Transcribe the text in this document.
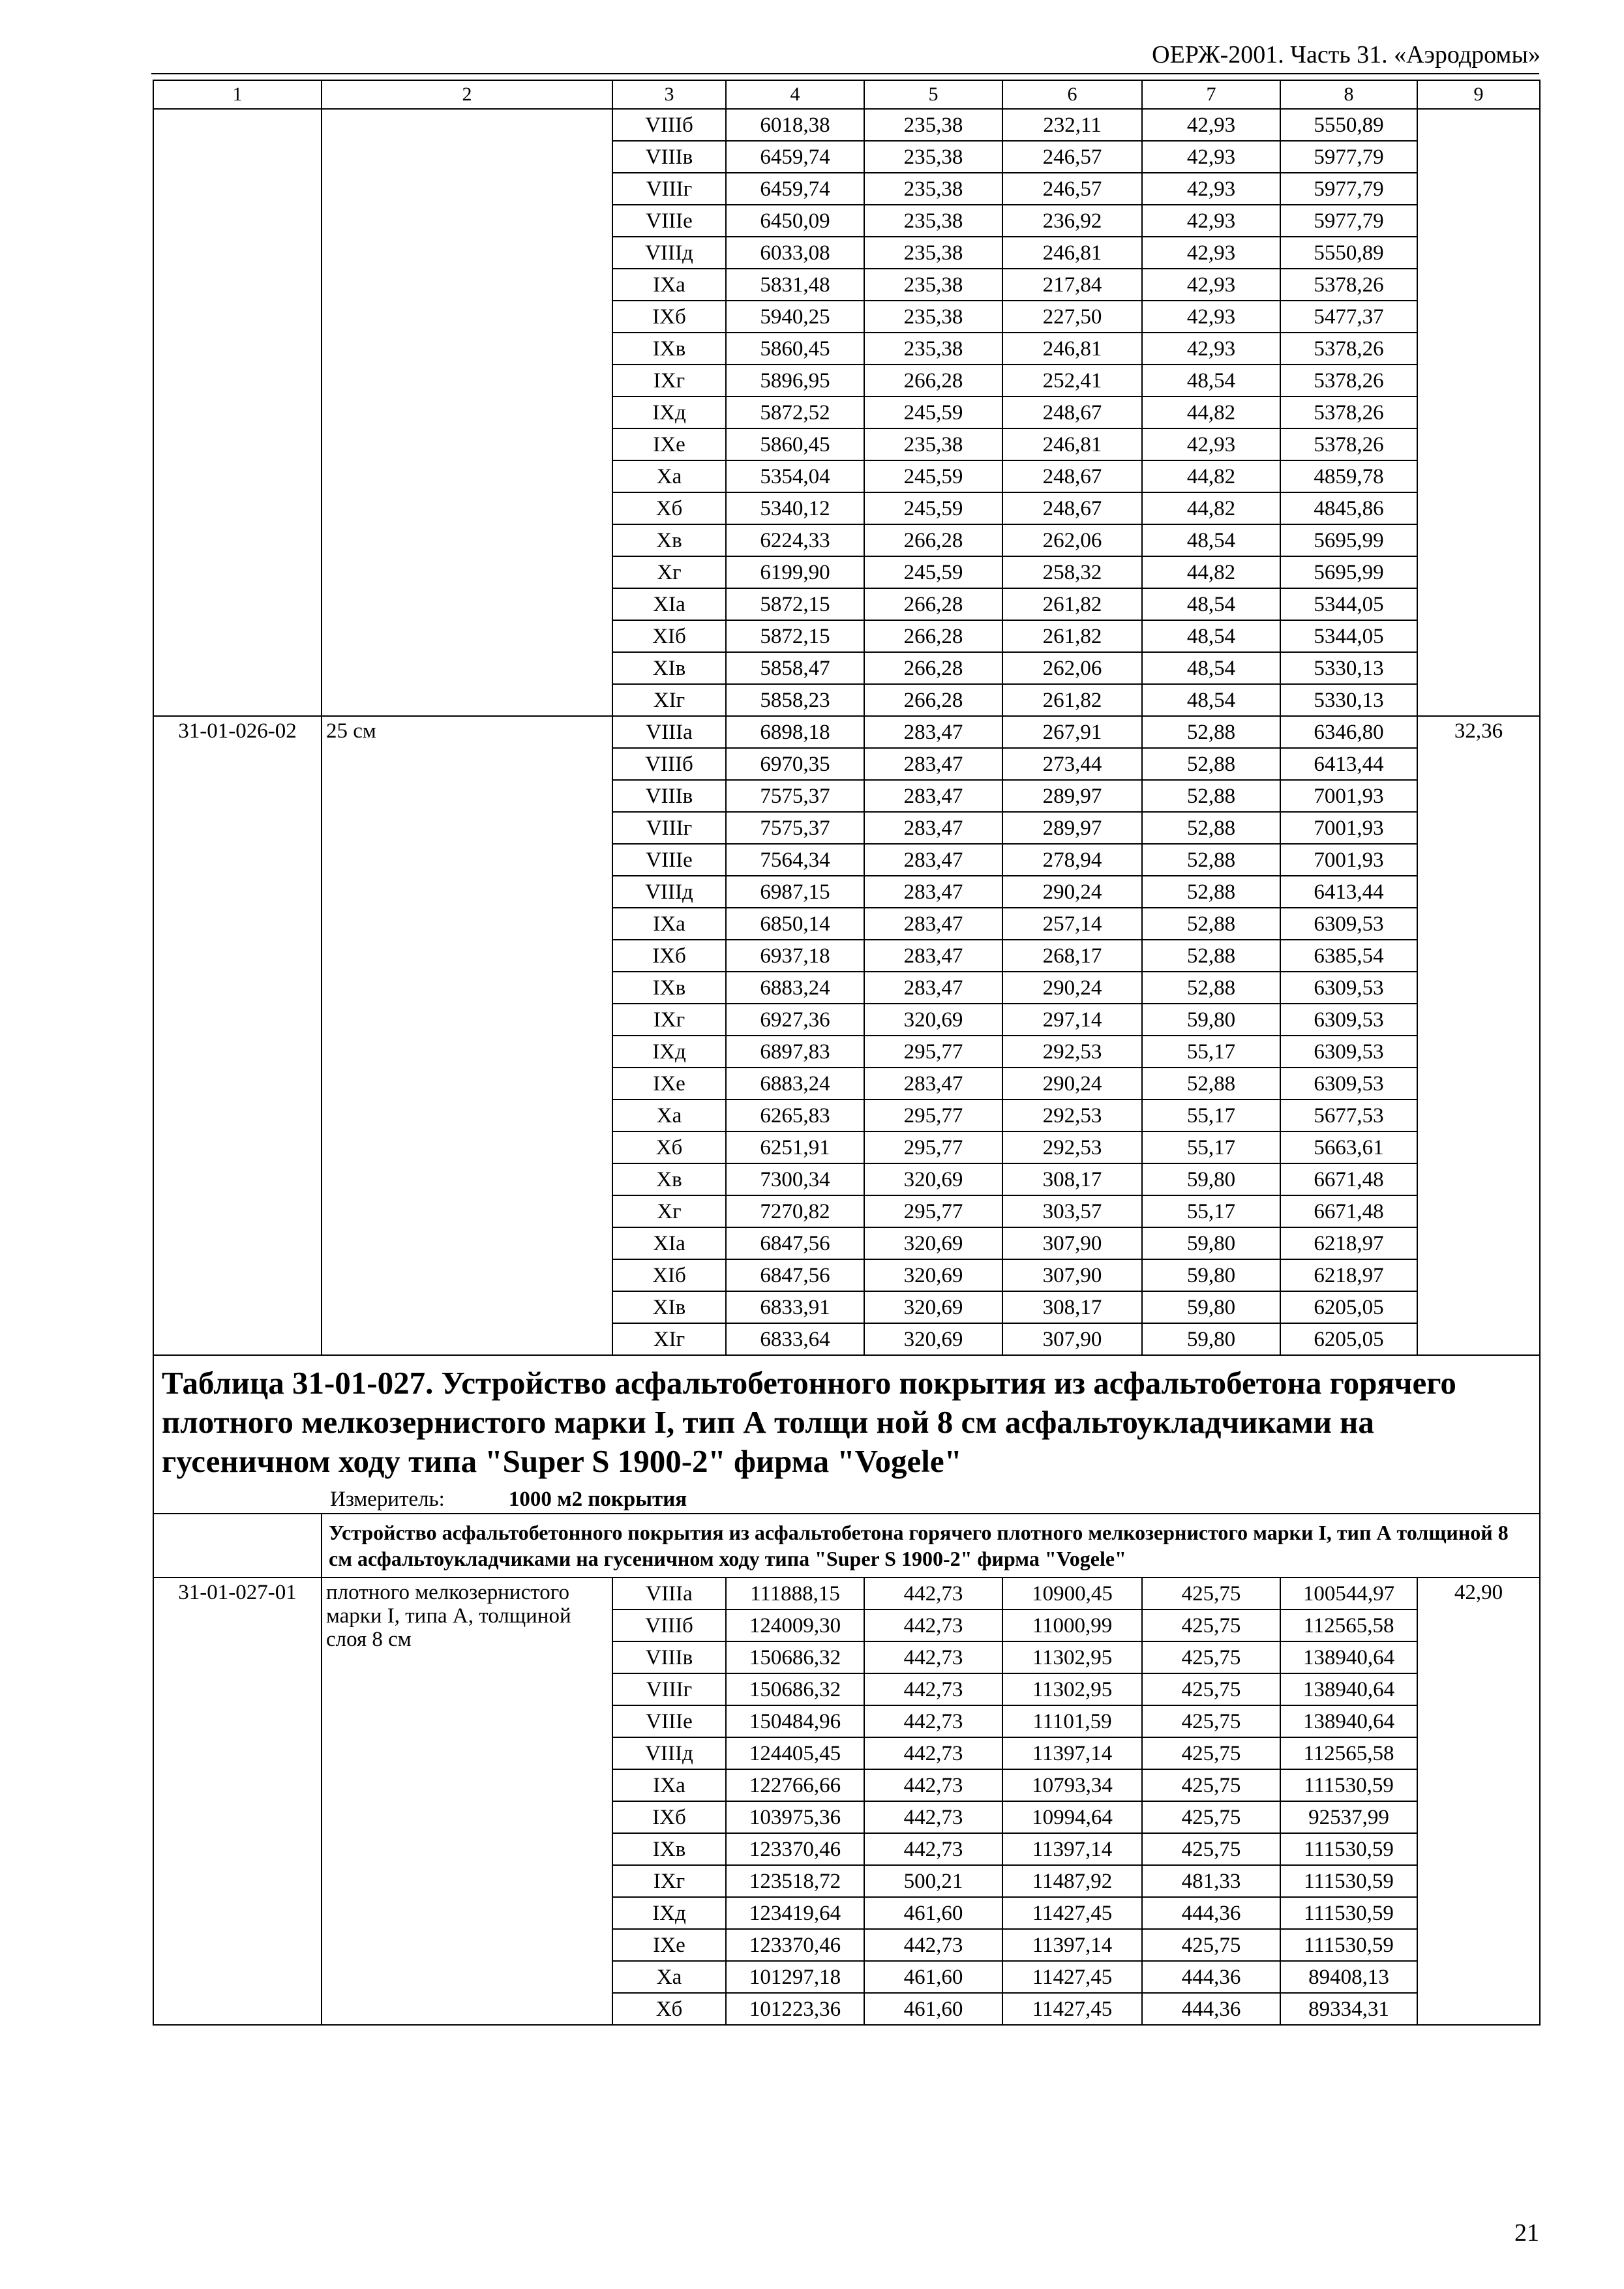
ОЕРЖ-2001. Часть 31. «Аэродромы»
1	2	3	4	5	6	7	8	9
		VIIIб	6018,38	235,38	232,11	42,93	5550,89	
		VIIIв	6459,74	235,38	246,57	42,93	5977,79	
		VIIIг	6459,74	235,38	246,57	42,93	5977,79	
		VIIIе	6450,09	235,38	236,92	42,93	5977,79	
		VIIIд	6033,08	235,38	246,81	42,93	5550,89	
		IXа	5831,48	235,38	217,84	42,93	5378,26	
		IXб	5940,25	235,38	227,50	42,93	5477,37	
		IXв	5860,45	235,38	246,81	42,93	5378,26	
		IXг	5896,95	266,28	252,41	48,54	5378,26	
		IXд	5872,52	245,59	248,67	44,82	5378,26	
		IXе	5860,45	235,38	246,81	42,93	5378,26	
		Xа	5354,04	245,59	248,67	44,82	4859,78	
		Xб	5340,12	245,59	248,67	44,82	4845,86	
		Xв	6224,33	266,28	262,06	48,54	5695,99	
		Xг	6199,90	245,59	258,32	44,82	5695,99	
		XIа	5872,15	266,28	261,82	48,54	5344,05	
		XIб	5872,15	266,28	261,82	48,54	5344,05	
		XIв	5858,47	266,28	262,06	48,54	5330,13	
		XIг	5858,23	266,28	261,82	48,54	5330,13	
31-01-026-02	25 см	VIIIа	6898,18	283,47	267,91	52,88	6346,80	32,36
		VIIIб	6970,35	283,47	273,44	52,88	6413,44	
		VIIIв	7575,37	283,47	289,97	52,88	7001,93	
		VIIIг	7575,37	283,47	289,97	52,88	7001,93	
		VIIIе	7564,34	283,47	278,94	52,88	7001,93	
		VIIIд	6987,15	283,47	290,24	52,88	6413,44	
		IXа	6850,14	283,47	257,14	52,88	6309,53	
		IXб	6937,18	283,47	268,17	52,88	6385,54	
		IXв	6883,24	283,47	290,24	52,88	6309,53	
		IXг	6927,36	320,69	297,14	59,80	6309,53	
		IXд	6897,83	295,77	292,53	55,17	6309,53	
		IXе	6883,24	283,47	290,24	52,88	6309,53	
		Xа	6265,83	295,77	292,53	55,17	5677,53	
		Xб	6251,91	295,77	292,53	55,17	5663,61	
		Xв	7300,34	320,69	308,17	59,80	6671,48	
		Xг	7270,82	295,77	303,57	55,17	6671,48	
		XIа	6847,56	320,69	307,90	59,80	6218,97	
		XIб	6847,56	320,69	307,90	59,80	6218,97	
		XIв	6833,91	320,69	308,17	59,80	6205,05	
		XIг	6833,64	320,69	307,90	59,80	6205,05	
Таблица 31-01-027. Устройство асфальтобетонного покрытия из асфальтобетона горячего плотного мелкозернистого марки I, тип А толщи ной 8 см асфальтоукладчиками на гусеничном ходу типа "Super S 1900-2" фирма "Vogele"								
Измеритель: 1000 м2 покрытия								
	Устройство асфальтобетонного покрытия из асфальтобетона горячего плотного мелкозернистого марки I, тип А толщиной 8 см асфальтоукладчиками на гусеничном ходу типа "Super S 1900-2" фирма "Vogele"							
31-01-027-01	плотного мелкозернистого марки I, типа А, толщиной слоя 8 см	VIIIа	111888,15	442,73	10900,45	425,75	100544,97	42,90
		VIIIб	124009,30	442,73	11000,99	425,75	112565,58	
		VIIIв	150686,32	442,73	11302,95	425,75	138940,64	
		VIIIг	150686,32	442,73	11302,95	425,75	138940,64	
		VIIIе	150484,96	442,73	11101,59	425,75	138940,64	
		VIIIд	124405,45	442,73	11397,14	425,75	112565,58	
		IXа	122766,66	442,73	10793,34	425,75	111530,59	
		IXб	103975,36	442,73	10994,64	425,75	92537,99	
		IXв	123370,46	442,73	11397,14	425,75	111530,59	
		IXг	123518,72	500,21	11487,92	481,33	111530,59	
		IXд	123419,64	461,60	11427,45	444,36	111530,59	
		IXе	123370,46	442,73	11397,14	425,75	111530,59	
		Xа	101297,18	461,60	11427,45	444,36	89408,13	
		Xб	101223,36	461,60	11427,45	444,36	89334,31	
21
